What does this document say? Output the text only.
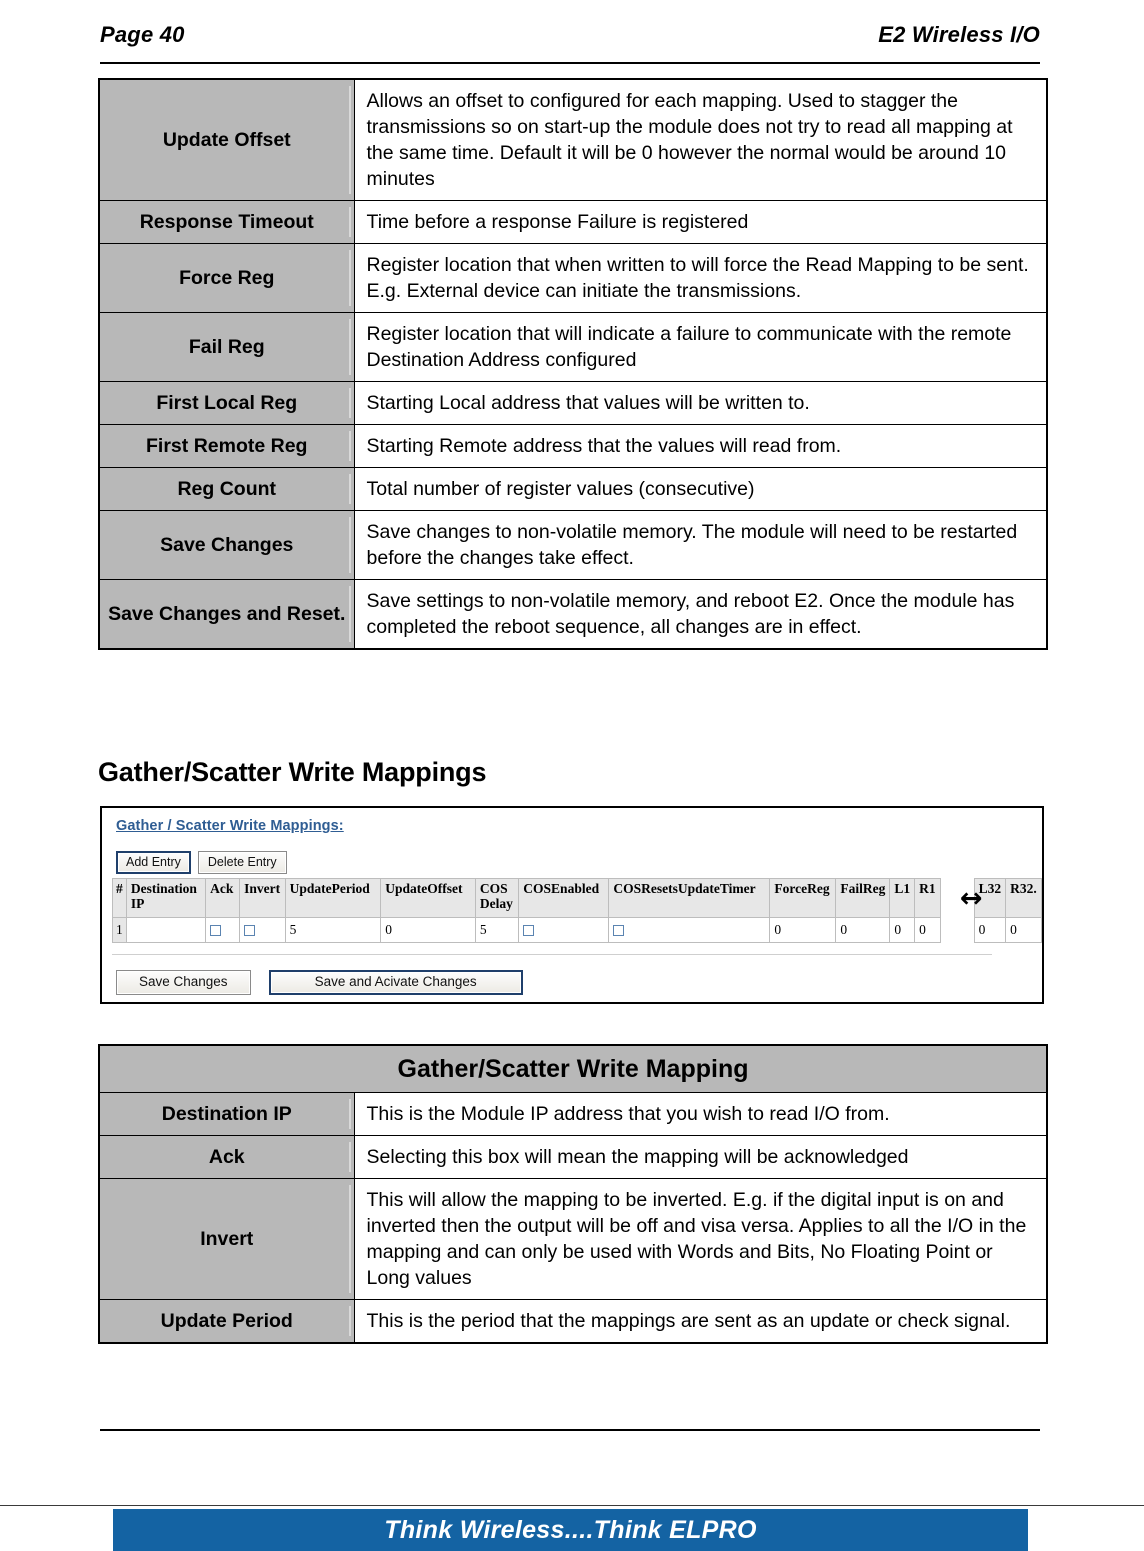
Page 40	E2 Wireless I/O
Update Offset	Allows an offset to configured for each mapping. Used to stagger the transmissions so on start-up the module does not try to read all mapping at the same time. Default it will be 0 however the normal would be around 10 minutes
Response Timeout	Time before a response Failure is registered
Force Reg	Register location that when written to will force the Read Mapping to be sent. E.g. External device can initiate the transmissions.
Fail Reg	Register location that will indicate a failure to communicate with the remote Destination Address configured
First Local Reg	Starting Local address that values will be written to.
First Remote Reg	Starting Remote address that the values will read from.
Reg Count	Total number of register values (consecutive)
Save Changes	Save changes to non-volatile memory. The module will need to be restarted before the changes take effect.
Save Changes and Reset.	Save settings to non-volatile memory, and reboot E2. Once the module has completed the reboot sequence, all changes are in effect.
Gather/Scatter Write Mappings
Gather / Scatter Write Mappings:
Add Entry	Delete Entry
#	Destination IP	Ack	Invert	UpdatePeriod	UpdateOffset	COS Delay	COSEnabled	COSResetsUpdateTimer	ForceReg	FailReg	L1	R1		L32	R32.
1				5	0	5			0	0	0	0		0	0
↔
Save Changes	Save and Acivate Changes
Gather/Scatter Write Mapping	
Destination IP	This is the Module IP address that you wish to read I/O from.
Ack	Selecting this box will mean the mapping will be acknowledged
Invert	This will allow the mapping to be inverted. E.g. if the digital input is on and inverted then the output will be off and visa versa. Applies to all the I/O in the mapping and can only be used with Words and Bits, No Floating Point or Long values
Update Period	This is the period that the mappings are sent as an update or check signal.
Think Wireless....Think ELPRO
